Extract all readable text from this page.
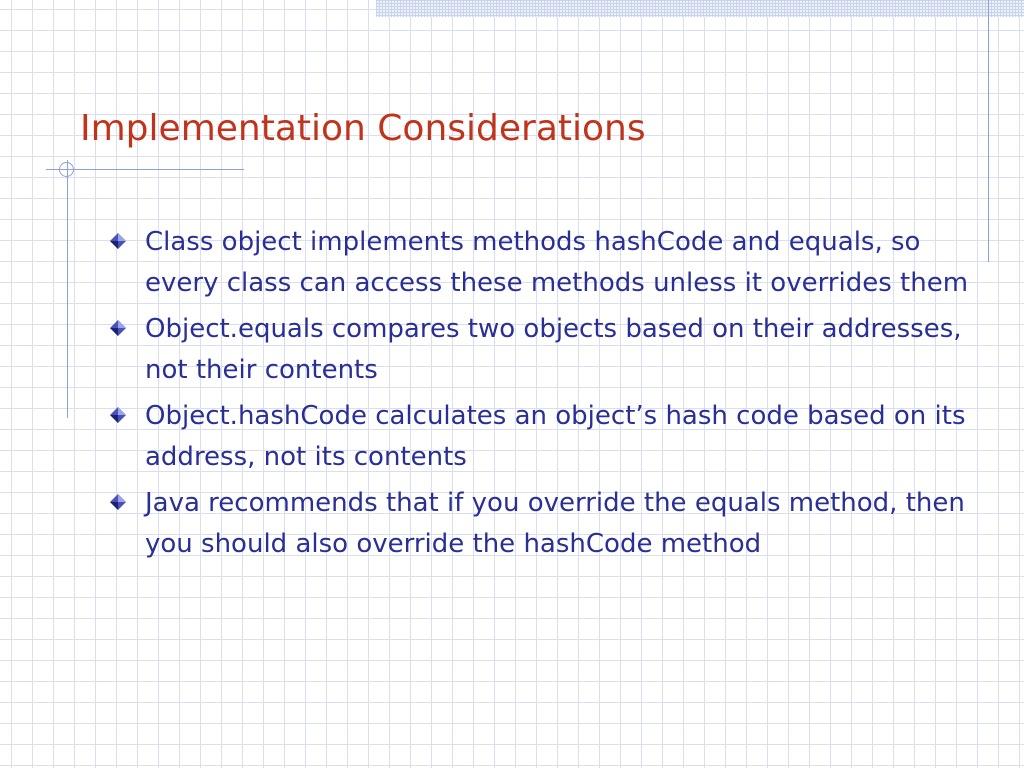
Implementation Considerations
Class object implements methods hashCode and equals, so every class can access these methods unless it overrides them
Object.equals compares two objects based on their addresses, not their contents
Object.hashCode calculates an object’s hash code based on its address, not its contents
Java recommends that if you override the equals method, then you should also override the hashCode method
